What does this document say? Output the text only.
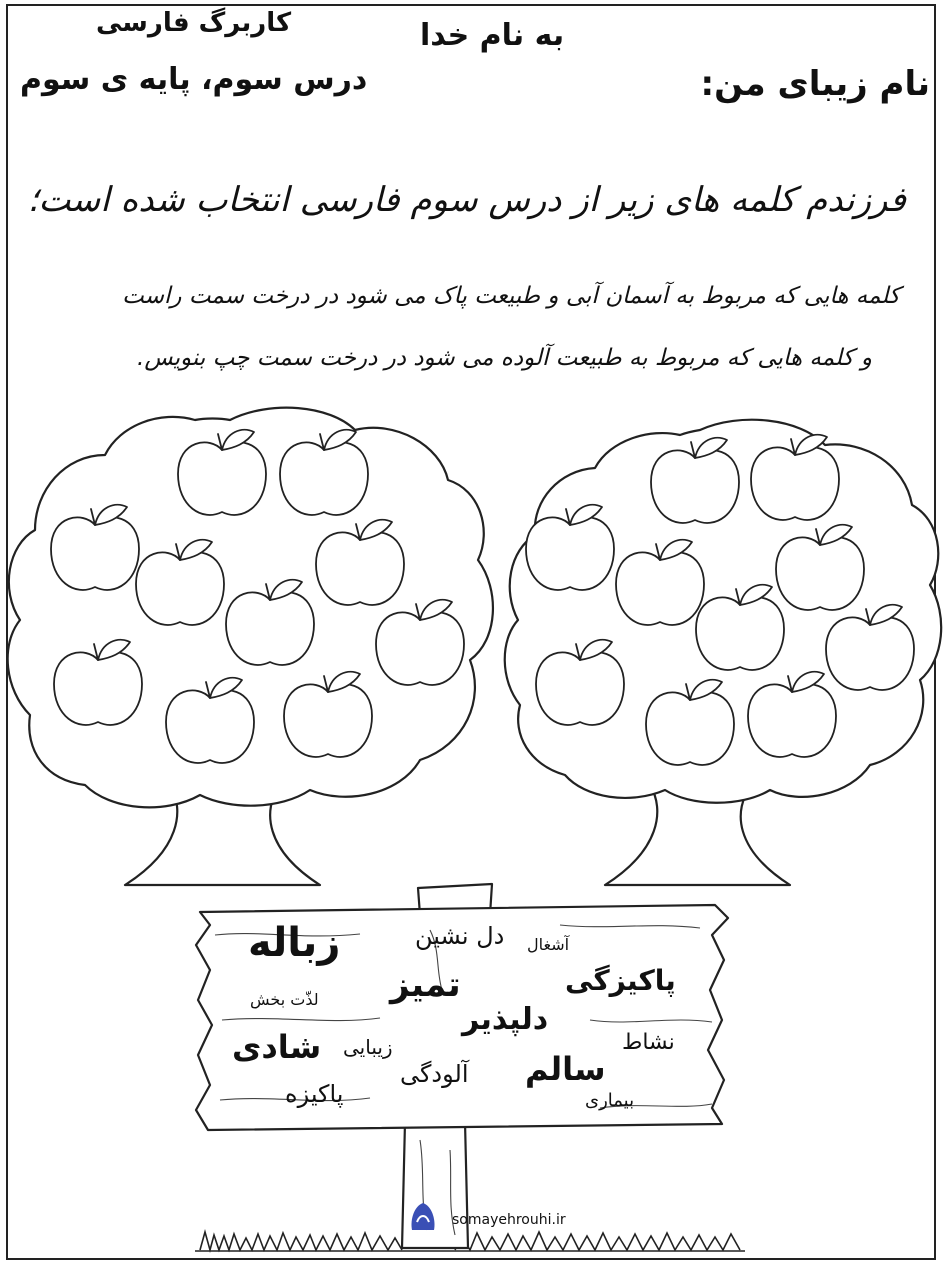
به نام خدا
کاربرگ فارسی
درس سوم، پایه ی سوم	نام زیبای من:
فرزندم کلمه های زیر از درس سوم فارسی انتخاب شده است؛
کلمه هایی که مربوط به آسمان آبی و طبیعت پاک می شود در درخت سمت راست
و کلمه هایی که مربوط به طبیعت آلوده می شود در درخت سمت چپ بنویس.
زباله	دل نشین آشغال
تمیز	پاکیزگی
لذّت بخش
دلپذیر
نشاط
شادی زیبایی
سالم
آلودگی
پاکیزه	بیماری
somayehrouhi.ir
